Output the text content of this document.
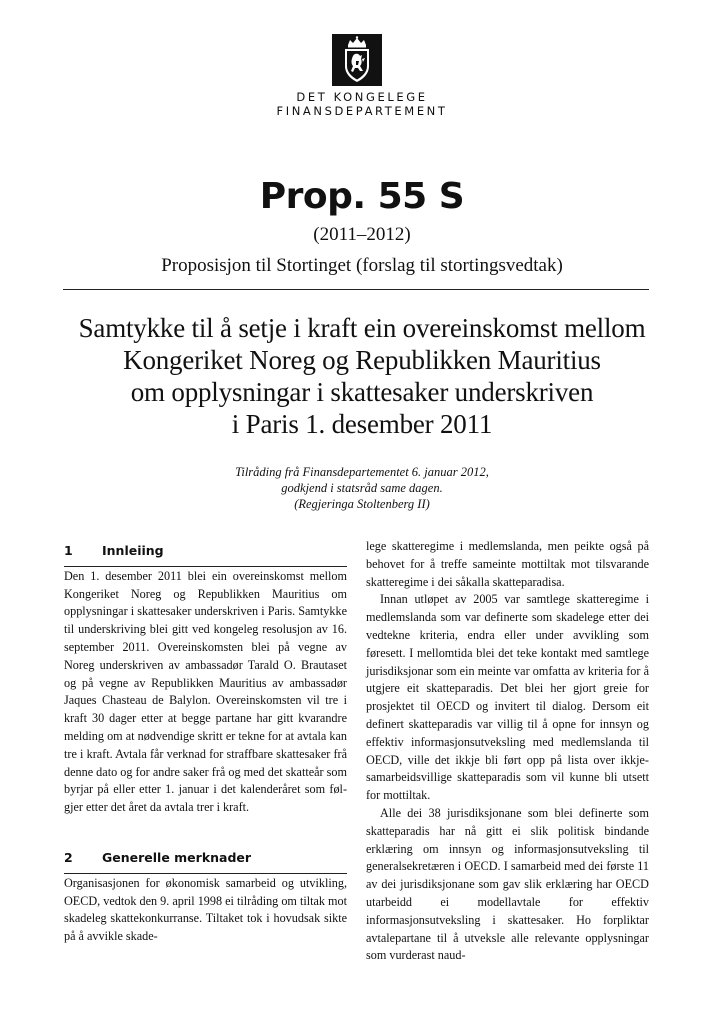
DET KONGELEGE
FINANSDEPARTEMENT
Prop. 55 S
(2011–2012)
Proposisjon til Stortinget (forslag til stortingsvedtak)
Samtykke til å setje i kraft ein overeinskomst mellom
Kongeriket Noreg og Republikken Mauritius
om opplysningar i skattesaker underskriven
i Paris 1. desember 2011
Tilråding frå Finansdepartementet 6. januar 2012,
godkjend i statsråd same dagen.
(Regjeringa Stoltenberg II)
1	Innleiing

Den 1. desember 2011 blei ein overeinskomst mellom Kongeriket Noreg og Republikken Mauritius om opplysningar i skattesaker underskriven i Paris. Samtykke til underskriving blei gitt ved kongeleg resolusjon av 16. september 2011. Overeinskomsten blei på vegne av Noreg underskriven av ambassadør Tarald O. Brautaset og på vegne av Republikken Mauritius av ambassadør Jaques Chasteau de Balylon. Overeinskomsten vil tre i kraft 30 dager etter at begge partane har gitt kvarandre melding om at nødvendige skritt er tekne for at avtala kan tre i kraft. Avtala får verknad for straffbare skattesaker frå denne dato og for andre saker frå og med det skatteår som byrjar på eller etter 1. januar i det kalenderåret som følgjer etter det året da avtala trer i kraft.

2	Generelle merknader

Organisasjonen for økonomisk samarbeid og utvikling, OECD, vedtok den 9. april 1998 ei tilråding om tiltak mot skadeleg skattekonkurranse. Tiltaket tok i hovudsak sikte på å avvikle skade-

lege skatteregime i medlemslanda, men peikte også på behovet for å treffe sameinte mottiltak mot tilsvarande skatteregime i dei såkalla skatteparadisa.

Innan utløpet av 2005 var samtlege skatteregime i medlemslanda som var definerte som skadelege etter dei vedtekne kriteria, endra eller under avvikling som føresett. I mellomtida blei det teke kontakt med samtlege jurisdiksjonar som ein meinte var omfatta av kriteria for å utgjere eit skatteparadis. Det blei her gjort greie for prosjektet til OECD og invitert til dialog. Dersom eit definert skatteparadis var villig til å opne for innsyn og effektiv informasjonsutveksling med medlemslanda til OECD, ville det ikkje bli ført opp på lista over ikkje-samarbeidsvillige skatteparadis som vil kunne bli utsett for mottiltak.

Alle dei 38 jurisdiksjonane som blei definerte som skatteparadis har nå gitt ei slik politisk bindande erklæring om innsyn og informasjonsutveksling til generalsekretæren i OECD. I samarbeid med dei første 11 av dei jurisdiksjonane som gav slik erklæring har OECD utarbeidd ei modellavtale for effektiv informasjonsutveksling i skattesaker. Ho forpliktar avtalepartane til å utveksle alle relevante opplysningar som vurderast naud-
